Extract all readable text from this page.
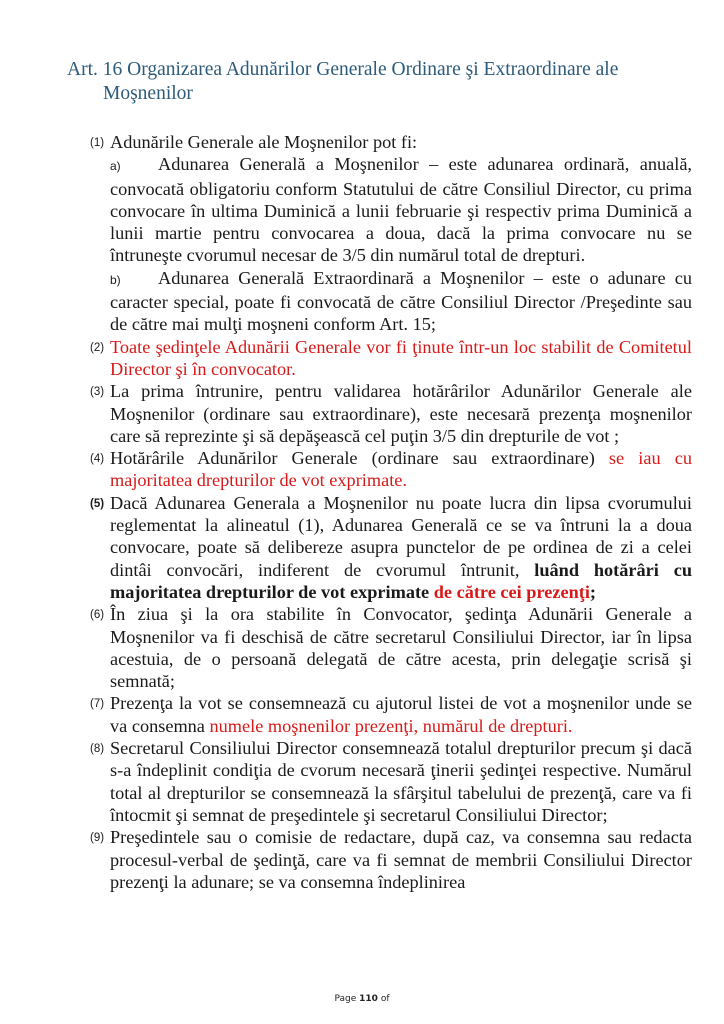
Art. 16 Organizarea Adunărilor Generale Ordinare şi Extraordinare ale Moşnenilor
(1) Adunările Generale ale Moşnenilor pot fi:
a) Adunarea Generală a Moşnenilor – este adunarea ordinară, anuală, convocată obligatoriu conform Statutului de către Consiliul Director, cu prima convocare în ultima Duminică a lunii februarie şi respectiv prima Duminică a lunii martie pentru convocarea a doua, dacă la prima convocare nu se întruneşte cvorumul necesar de 3/5 din numărul total de drepturi.
b) Adunarea Generală Extraordinară a Moşnenilor – este o adunare cu caracter special, poate fi convocată de către Consiliul Director /Preşedinte sau de către mai mulţi moşneni conform Art. 15;
(2) Toate şedinţele Adunării Generale vor fi ţinute într-un loc stabilit de Comitetul Director şi în convocator.
(3) La prima întrunire, pentru validarea hotărârilor Adunărilor Generale ale Moşnenilor (ordinare sau extraordinare), este necesară prezenţa moşnenilor care să reprezinte şi să depăşească cel puţin 3/5 din drepturile de vot ;
(4) Hotărârile Adunărilor Generale (ordinare sau extraordinare) se iau cu majoritatea drepturilor de vot exprimate.
(5) Dacă Adunarea Generala a Moşnenilor nu poate lucra din lipsa cvorumului reglementat la alineatul (1), Adunarea Generală ce se va întruni la a doua convocare, poate să delibereze asupra punctelor de pe ordinea de zi a celei dintâi convocări, indiferent de cvorumul întrunit, luând hotărâri cu majoritatea drepturilor de vot exprimate de către cei prezenţi;
(6) În ziua şi la ora stabilite în Convocator, şedinţa Adunării Generale a Moşnenilor va fi deschisă de către secretarul Consiliului Director, iar în lipsa acestuia, de o persoană delegată de către acesta, prin delegaţie scrisă şi semnată;
(7) Prezenţa la vot se consemnează cu ajutorul listei de vot a moşnenilor unde se va consemna numele moşnenilor prezenţi, numărul de drepturi.
(8) Secretarul Consiliului Director consemnează totalul drepturilor precum şi dacă s-a îndeplinit condiţia de cvorum necesară ţinerii şedinţei respective. Numărul total al drepturilor se consemnează la sfârşitul tabelului de prezenţă, care va fi întocmit şi semnat de preşedintele şi secretarul Consiliului Director;
(9) Preşedintele sau o comisie de redactare, după caz, va consemna sau redacta procesul-verbal de şedinţă, care va fi semnat de membrii Consiliului Director prezenţi la adunare; se va consemna îndeplinirea
Page 110 of
